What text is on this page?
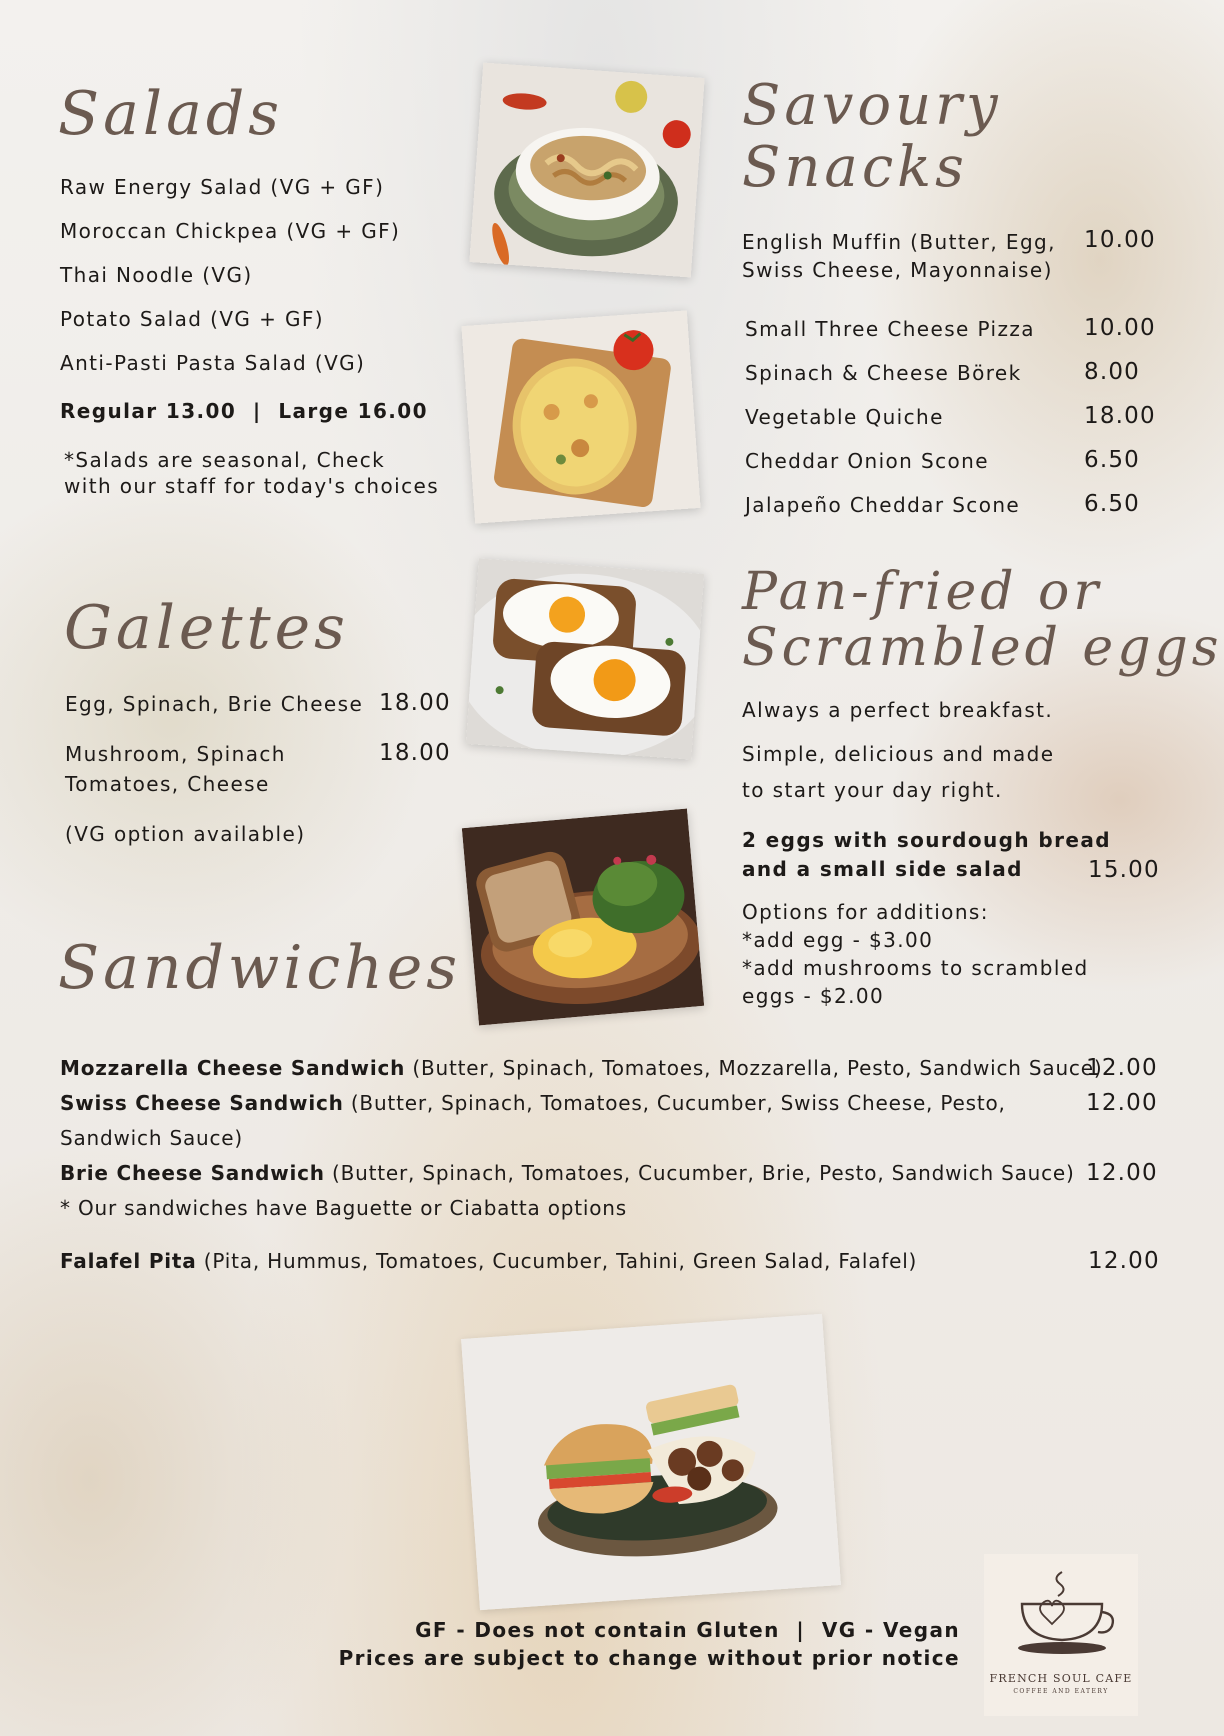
Salads
Raw Energy Salad (VG + GF)
Moroccan Chickpea (VG + GF)
Thai Noodle (VG)
Potato Salad (VG + GF)
Anti-Pasti Pasta Salad (VG)
Regular 13.00  |  Large 16.00
*Salads are seasonal, Check
with our staff for today's choices
Galettes
Egg, Spinach, Brie Cheese 18.00
Mushroom, Spinach
Tomatoes, Cheese
18.00
(VG option available)
Sandwiches
Savoury
Snacks
English Muffin (Butter, Egg,
Swiss Cheese, Mayonnaise)
10.00
Small Three Cheese Pizza 10.00
Spinach & Cheese Börek	8.00
Vegetable Quiche	18.00
Cheddar Onion Scone	6.50
Jalapeño Cheddar Scone	6.50
Pan-fried or
Scrambled eggs
Always a perfect breakfast.
Simple, delicious and made
to start your day right.
2 eggs with sourdough bread
and a small side salad	15.00
Options for additions:
*add egg - $3.00
*add mushrooms to scrambled
eggs - $2.00
Mozzarella Cheese Sandwich (Butter, Spinach, Tomatoes, Mozzarella, Pesto, Sandwich Sauce)
12.00
Swiss Cheese Sandwich (Butter, Spinach, Tomatoes, Cucumber, Swiss Cheese, Pesto,
Sandwich Sauce)
12.00
Brie Cheese Sandwich (Butter, Spinach, Tomatoes, Cucumber, Brie, Pesto, Sandwich Sauce) 12.00
* Our sandwiches have Baguette or Ciabatta options
Falafel Pita (Pita, Hummus, Tomatoes, Cucumber, Tahini, Green Salad, Falafel)	12.00
GF - Does not contain Gluten  |  VG - Vegan
Prices are subject to change without prior notice
FRENCH SOUL CAFE
COFFEE AND EATERY
